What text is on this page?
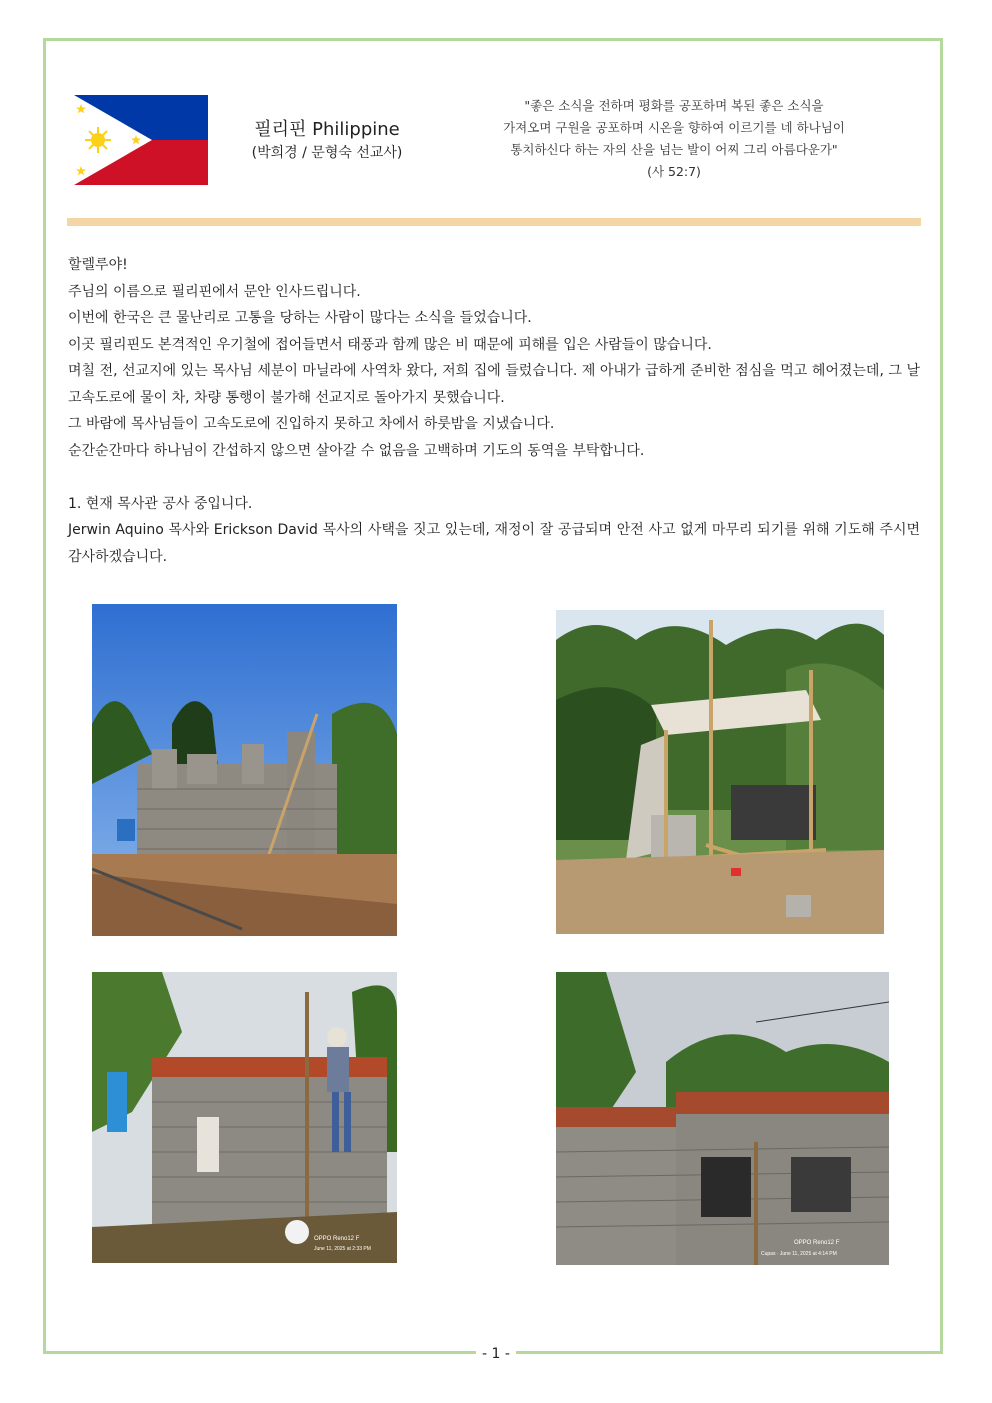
필리핀 Philippine
(박희경 / 문형숙 선교사)
"좋은 소식을 전하며 평화를 공포하며 복된 좋은 소식을
가져오며 구원을 공포하며 시온을 향하여 이르기를 네 하나님이
통치하신다 하는 자의 산을 넘는 발이 어찌 그리 아름다운가"
(사 52:7)

할렐루야!

주님의 이름으로 필리핀에서 문안 인사드립니다.

이번에 한국은 큰 물난리로 고통을 당하는 사람이 많다는 소식을 들었습니다.

이곳 필리핀도 본격적인 우기철에 접어들면서 태풍과 함께 많은 비 때문에 피해를 입은 사람들이 많습니다.

며칠 전, 선교지에 있는 목사님 세분이 마닐라에 사역차 왔다, 저희 집에 들렀습니다. 제 아내가 급하게 준비한 점심을 먹고 헤어졌는데, 그 날 고속도로에 물이 차, 차량 통행이 불가해 선교지로 돌아가지 못했습니다.

그 바람에 목사님들이 고속도로에 진입하지 못하고 차에서 하룻밤을 지냈습니다.

순간순간마다 하나님이 간섭하지 않으면 살아갈 수 없음을 고백하며 기도의 동역을 부탁합니다.

1. 현재 목사관 공사 중입니다.

Jerwin Aquino 목사와 Erickson David 목사의 사택을 짓고 있는데, 재정이 잘 공급되며 안전 사고 없게 마무리 되기를 위해 기도해 주시면 감사하겠습니다.

OPPO Reno12 F
June 11, 2025 at 2:33 PM
OPPO Reno12 F
Cupas · June 11, 2025 at 4:14 PM
- 1 -
